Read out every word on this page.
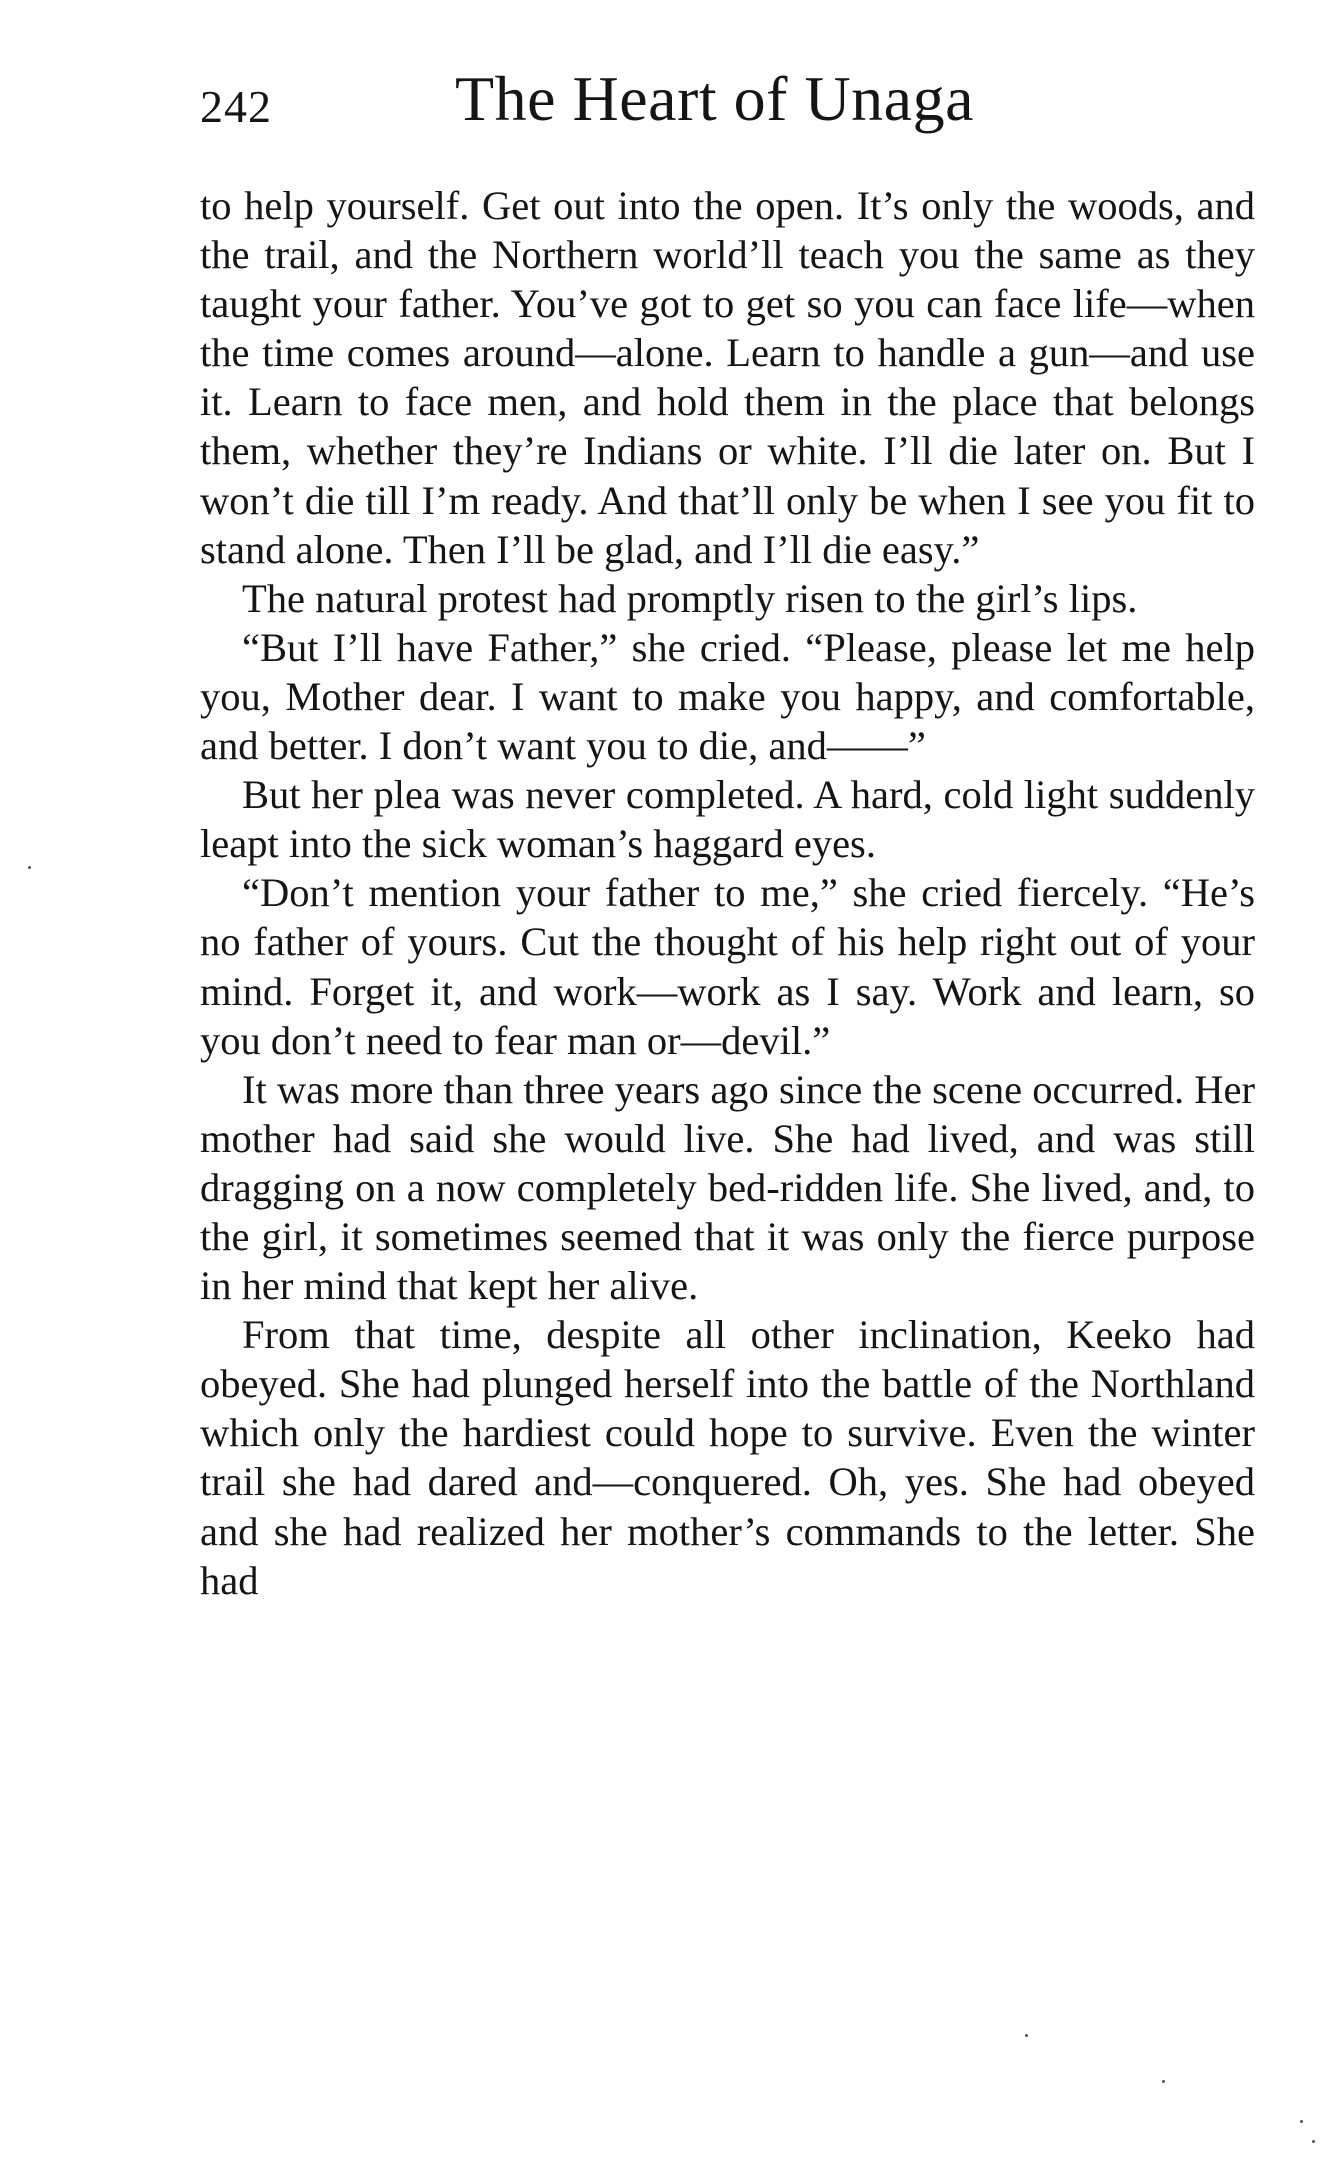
242	The Heart of Unaga

to help yourself. Get out into the open. It’s only the woods, and the trail, and the Northern world’ll teach you the same as they taught your father. You’ve got to get so you can face life—when the time comes around—alone. Learn to handle a gun—and use it. Learn to face men, and hold them in the place that belongs them, whether they’re Indians or white. I’ll die later on. But I won’t die till I’m ready. And that’ll only be when I see you fit to stand alone. Then I’ll be glad, and I’ll die easy.”

The natural protest had promptly risen to the girl’s lips.

“But I’ll have Father,” she cried. “Please, please let me help you, Mother dear. I want to make you happy, and comfortable, and better. I don’t want you to die, and——”

But her plea was never completed. A hard, cold light suddenly leapt into the sick woman’s haggard eyes.

“Don’t mention your father to me,” she cried fiercely. “He’s no father of yours. Cut the thought of his help right out of your mind. Forget it, and work—work as I say. Work and learn, so you don’t need to fear man or—devil.”

It was more than three years ago since the scene occurred. Her mother had said she would live. She had lived, and was still dragging on a now completely bed-ridden life. She lived, and, to the girl, it sometimes seemed that it was only the fierce purpose in her mind that kept her alive.

From that time, despite all other inclination, Keeko had obeyed. She had plunged herself into the battle of the Northland which only the hardiest could hope to survive. Even the winter trail she had dared and—conquered. Oh, yes. She had obeyed and she had realized her mother’s commands to the letter. She had
